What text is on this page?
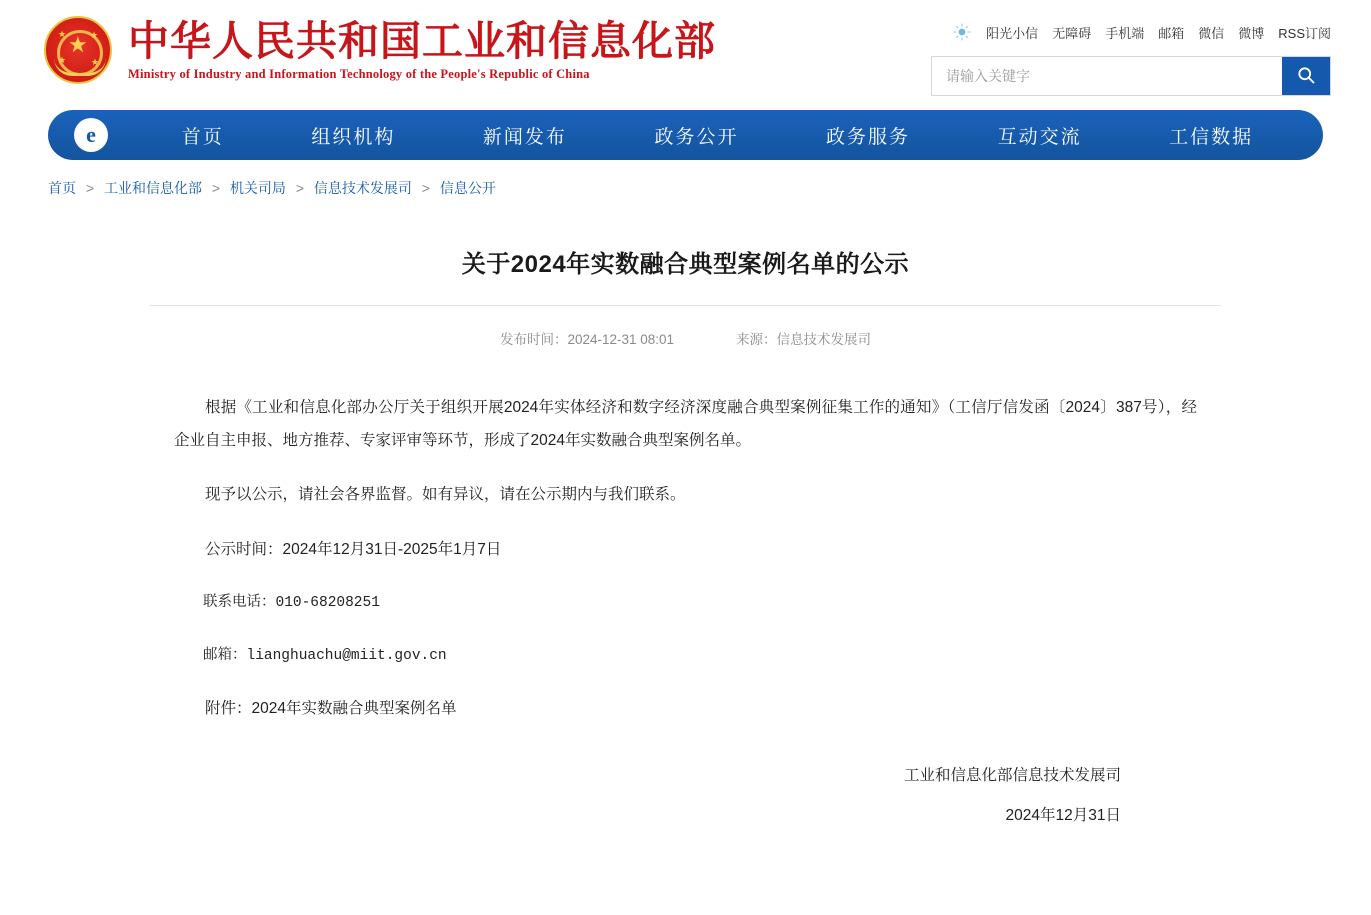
★
★	★
★	★ 中华人民共和国工业和信息化部
Ministry of Industry and Information Technology of the People's Republic of China
阳光小信 无障碍 手机端 邮箱 微信 微博 RSS订阅
请输入关键字
e	首页	组织机构	新闻发布	政务公开	政务服务	互动交流	工信数据
首页 > 工业和信息化部 > 机关司局 > 信息技术发展司 > 信息公开
关于2024年实数融合典型案例名单的公示
发布时间：2024-12-31 08:01	来源：信息技术发展司

根据《工业和信息化部办公厅关于组织开展2024年实体经济和数字经济深度融合典型案例征集工作的通知》（工信厅信发函〔2024〕387号），经企业自主申报、地方推荐、专家评审等环节，形成了2024年实数融合典型案例名单。

现予以公示，请社会各界监督。如有异议，请在公示期内与我们联系。

公示时间：2024年12月31日-2025年1月7日

联系电话：010-68208251

邮箱：lianghuachu@miit.gov.cn

附件：2024年实数融合典型案例名单

工业和信息化部信息技术发展司
2024年12月31日
